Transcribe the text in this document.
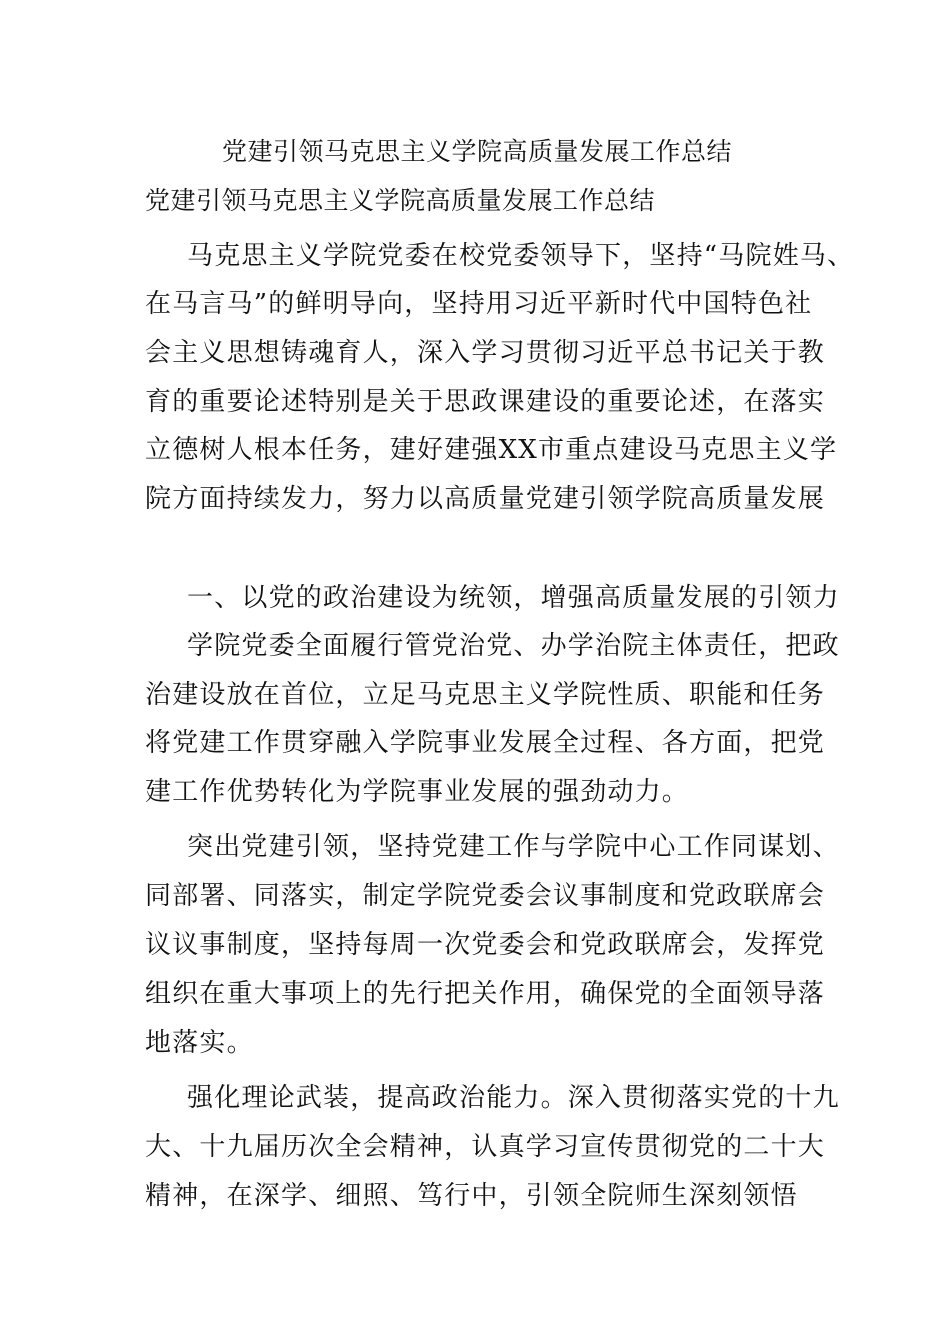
党建引领马克思主义学院高质量发展工作总结
党建引领马克思主义学院高质量发展工作总结
马克思主义学院党委在校党委领导下，坚持“马院姓马、
在马言马”的鲜明导向，坚持用习近平新时代中国特色社
会主义思想铸魂育人，深入学习贯彻习近平总书记关于教
育的重要论述特别是关于思政课建设的重要论述，在落实
立德树人根本任务，建好建强XX市重点建设马克思主义学
院方面持续发力，努力以高质量党建引领学院高质量发展
一、以党的政治建设为统领，增强高质量发展的引领力
学院党委全面履行管党治党、办学治院主体责任，把政
治建设放在首位，立足马克思主义学院性质、职能和任务
将党建工作贯穿融入学院事业发展全过程、各方面，把党
建工作优势转化为学院事业发展的强劲动力。
突出党建引领，坚持党建工作与学院中心工作同谋划、
同部署、同落实，制定学院党委会议事制度和党政联席会
议议事制度，坚持每周一次党委会和党政联席会，发挥党
组织在重大事项上的先行把关作用，确保党的全面领导落
地落实。
强化理论武装，提高政治能力。深入贯彻落实党的十九
大、十九届历次全会精神，认真学习宣传贯彻党的二十大
精神，在深学、细照、笃行中，引领全院师生深刻领悟
